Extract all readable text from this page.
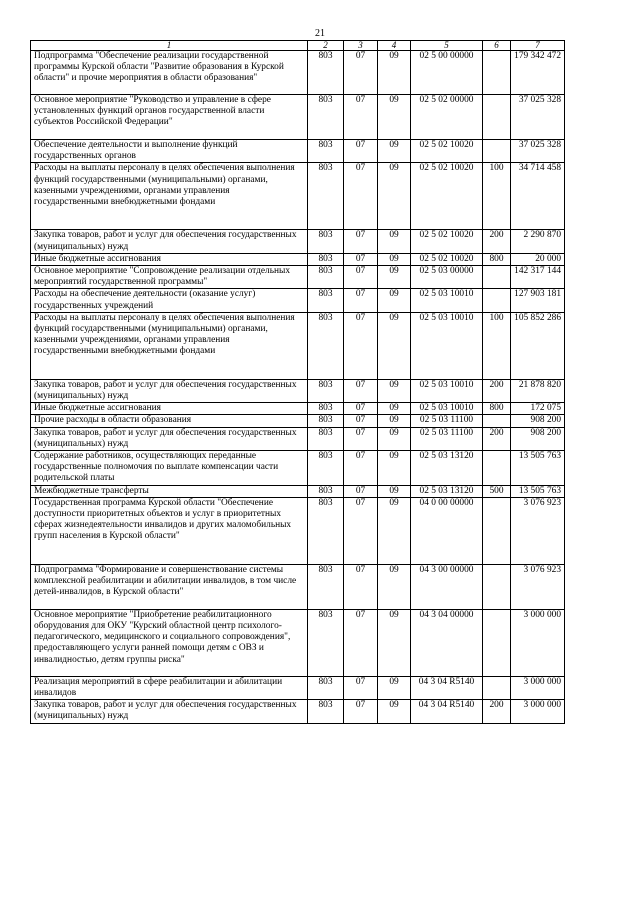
21
1	2	3	4	5	6	7
Подпрограмма "Обеспечение реализации государственной программы Курской области "Развитие образования в Курской области" и прочие мероприятия в области образования"	803	07	09	02 5 00 00000		179 342 472
Основное мероприятие "Руководство и управление в сфере установленных функций органов государственной власти субъектов Российской Федерации"	803	07	09	02 5 02 00000		37 025 328
Обеспечение деятельности и выполнение функций государственных органов	803	07	09	02 5 02 10020		37 025 328
Расходы на выплаты персоналу в целях обеспечения выполнения функций государственными (муниципальными) органами, казенными учреждениями, органами управления государственными внебюджетными фондами	803	07	09	02 5 02 10020	100	34 714 458
Закупка товаров, работ и услуг для обеспечения государственных (муниципальных) нужд	803	07	09	02 5 02 10020	200	2 290 870
Иные бюджетные ассигнования	803	07	09	02 5 02 10020	800	20 000
Основное мероприятие "Сопровождение реализации отдельных мероприятий государственной программы"	803	07	09	02 5 03 00000		142 317 144
Расходы на обеспечение деятельности (оказание услуг) государственных учреждений	803	07	09	02 5 03 10010		127 903 181
Расходы на выплаты персоналу в целях обеспечения выполнения функций государственными (муниципальными) органами, казенными учреждениями, органами управления государственными внебюджетными фондами	803	07	09	02 5 03 10010	100	105 852 286
Закупка товаров, работ и услуг для обеспечения государственных (муниципальных) нужд	803	07	09	02 5 03 10010	200	21 878 820
Иные бюджетные ассигнования	803	07	09	02 5 03 10010	800	172 075
Прочие расходы в области образования	803	07	09	02 5 03 11100		908 200
Закупка товаров, работ и услуг для обеспечения государственных (муниципальных) нужд	803	07	09	02 5 03 11100	200	908 200
Содержание работников, осуществляющих переданные государственные полномочия по выплате компенсации части родительской платы	803	07	09	02 5 03 13120		13 505 763
Межбюджетные трансферты	803	07	09	02 5 03 13120	500	13 505 763
Государственная программа Курской области "Обеспечение доступности приоритетных объектов и услуг в приоритетных сферах жизнедеятельности инвалидов и других маломобильных групп населения в Курской области"	803	07	09	04 0 00 00000		3 076 923
Подпрограмма "Формирование и совершенствование системы комплексной реабилитации и абилитации инвалидов, в том числе детей-инвалидов, в Курской области"	803	07	09	04 3 00 00000		3 076 923
Основное мероприятие "Приобретение реабилитационного оборудования для ОКУ "Курский областной центр психолого-педагогического, медицинского и социального сопровождения", предоставляющего услуги ранней помощи детям с ОВЗ и инвалидностью, детям группы риска"	803	07	09	04 3 04 00000		3 000 000
Реализация мероприятий в сфере реабилитации и абилитации инвалидов	803	07	09	04 3 04 R5140		3 000 000
Закупка товаров, работ и услуг для обеспечения государственных (муниципальных) нужд	803	07	09	04 3 04 R5140	200	3 000 000
